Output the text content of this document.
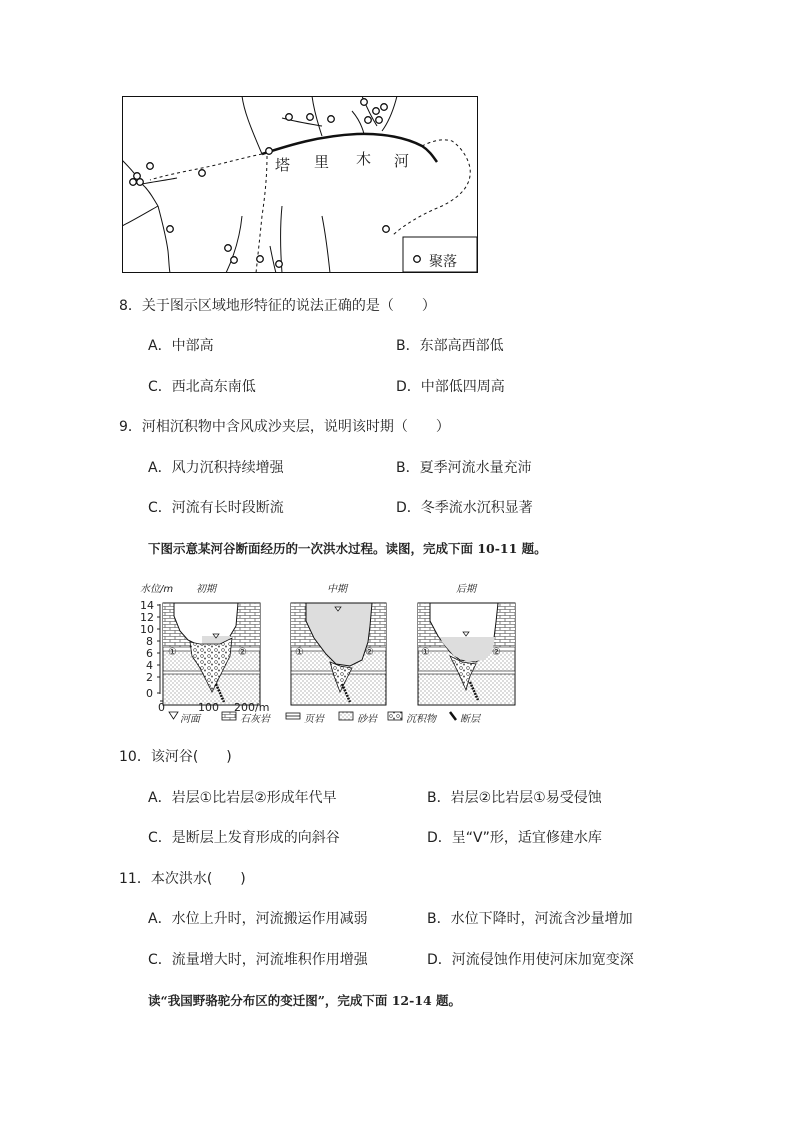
塔 里 木 河
聚落
8．关于图示区域地形特征的说法正确的是（　　）
A．中部高	B．东部高西部低
C．西北高东南低	D．中部低四周高
9．河相沉积物中含风成沙夹层，说明该时期（　　）
A．风力沉积持续增强	B．夏季河流水量充沛
C．河流有长时段断流	D．冬季流水沉积显著
下图示意某河谷断面经历的一次洪水过程。读图，完成下面 10-11 题。
水位/m
14
12
10
8
6
4
2
0
0	100 200/m
初期	中期	后期
①	②	①	②	①	②
河面	石灰岩	页岩	砂岩	沉积物 断层
10．该河谷(　　)
A．岩层①比岩层②形成年代早	B．岩层②比岩层①易受侵蚀
C．是断层上发育形成的向斜谷	D．呈“V”形，适宜修建水库
11．本次洪水(　　)
A．水位上升时，河流搬运作用减弱	B．水位下降时，河流含沙量增加
C．流量增大时，河流堆积作用增强	D．河流侵蚀作用使河床加宽变深
读“我国野骆驼分布区的变迁图”，完成下面 12-14 题。
